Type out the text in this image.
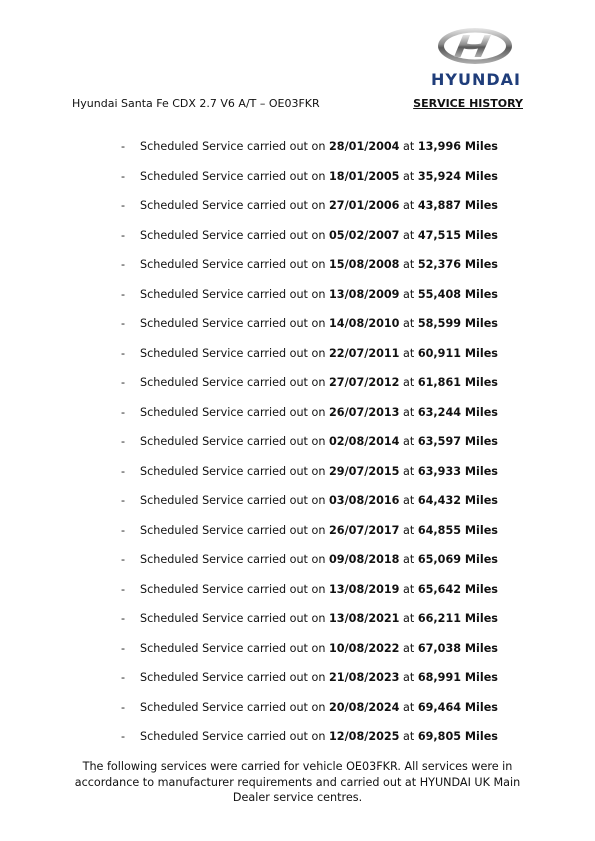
HYUNDAI
Hyundai Santa Fe CDX 2.7 V6 A/T – OE03FKR	SERVICE HISTORY
-	Scheduled Service carried out on 28/01/2004 at 13,996 Miles
-	Scheduled Service carried out on 18/01/2005 at 35,924 Miles
-	Scheduled Service carried out on 27/01/2006 at 43,887 Miles
-	Scheduled Service carried out on 05/02/2007 at 47,515 Miles
-	Scheduled Service carried out on 15/08/2008 at 52,376 Miles
-	Scheduled Service carried out on 13/08/2009 at 55,408 Miles
-	Scheduled Service carried out on 14/08/2010 at 58,599 Miles
-	Scheduled Service carried out on 22/07/2011 at 60,911 Miles
-	Scheduled Service carried out on 27/07/2012 at 61,861 Miles
-	Scheduled Service carried out on 26/07/2013 at 63,244 Miles
-	Scheduled Service carried out on 02/08/2014 at 63,597 Miles
-	Scheduled Service carried out on 29/07/2015 at 63,933 Miles
-	Scheduled Service carried out on 03/08/2016 at 64,432 Miles
-	Scheduled Service carried out on 26/07/2017 at 64,855 Miles
-	Scheduled Service carried out on 09/08/2018 at 65,069 Miles
-	Scheduled Service carried out on 13/08/2019 at 65,642 Miles
-	Scheduled Service carried out on 13/08/2021 at 66,211 Miles
-	Scheduled Service carried out on 10/08/2022 at 67,038 Miles
-	Scheduled Service carried out on 21/08/2023 at 68,991 Miles
-	Scheduled Service carried out on 20/08/2024 at 69,464 Miles
-	Scheduled Service carried out on 12/08/2025 at 69,805 Miles
The following services were carried for vehicle OE03FKR. All services were in accordance to manufacturer requirements and carried out at HYUNDAI UK Main Dealer service centres.
